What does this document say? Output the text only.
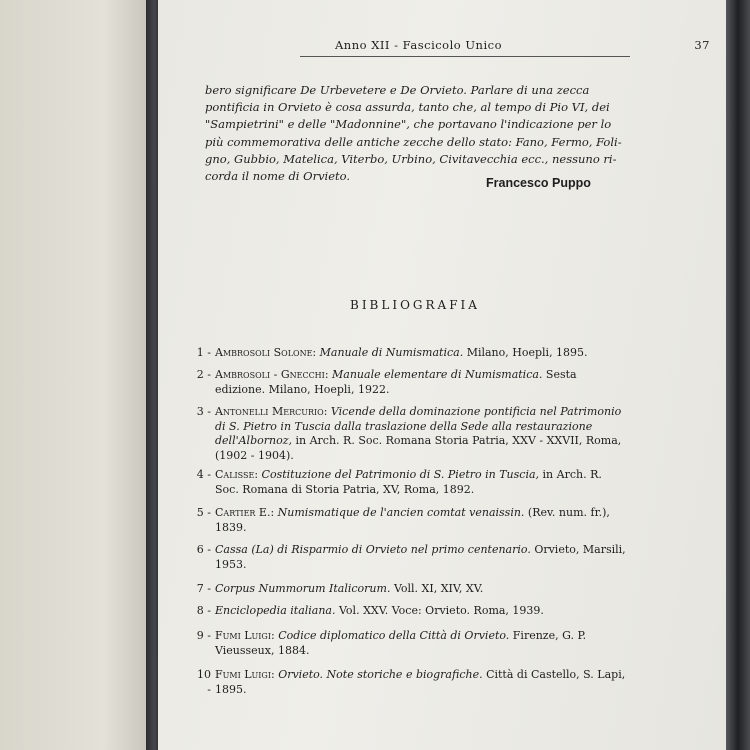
Anno XII - Fascicolo Unico	37
bero significare De Urbevetere e De Orvieto. Parlare di una zecca
pontificia in Orvieto è cosa assurda, tanto che, al tempo di Pio VI, dei
"Sampietrini" e delle "Madonnine", che portavano l'indicazione per lo
più commemorativa delle antiche zecche dello stato: Fano, Fermo, Foli-
gno, Gubbio, Matelica, Viterbo, Urbino, Civitavecchia ecc., nessuno ri-
corda il nome di Orvieto.	Francesco Puppo
BIBLIOGRAFIA
1 - Ambrosoli Solone: Manuale di Numismatica. Milano, Hoepli, 1895.
2 - Ambrosoli - Gnecchi: Manuale elementare di Numismatica. Sesta edizione. Milano, Hoepli, 1922.
3 - Antonelli Mercurio: Vicende della dominazione pontificia nel Patrimonio di S. Pietro in Tuscia dalla traslazione della Sede alla restaurazione dell'Albornoz, in Arch. R. Soc. Romana Storia Patria, XXV - XXVII, Roma, (1902 - 1904).
4 - Calisse: Costituzione del Patrimonio di S. Pietro in Tuscia, in Arch. R. Soc. Romana di Storia Patria, XV, Roma, 1892.
5 - Cartier E.: Numismatique de l'ancien comtat venaissin. (Rev. num. fr.), 1839.
6 - Cassa (La) di Risparmio di Orvieto nel primo centenario. Orvieto, Marsili, 1953.
7 - Corpus Nummorum Italicorum. Voll. XI, XIV, XV.
8 - Enciclopedia italiana. Vol. XXV. Voce: Orvieto. Roma, 1939.
9 - Fumi Luigi: Codice diplomatico della Città di Orvieto. Firenze, G. P. Vieusseux, 1884.
10 -
Fumi Luigi: Orvieto. Note storiche e biografiche. Città di Castello, S. Lapi, 1895.
